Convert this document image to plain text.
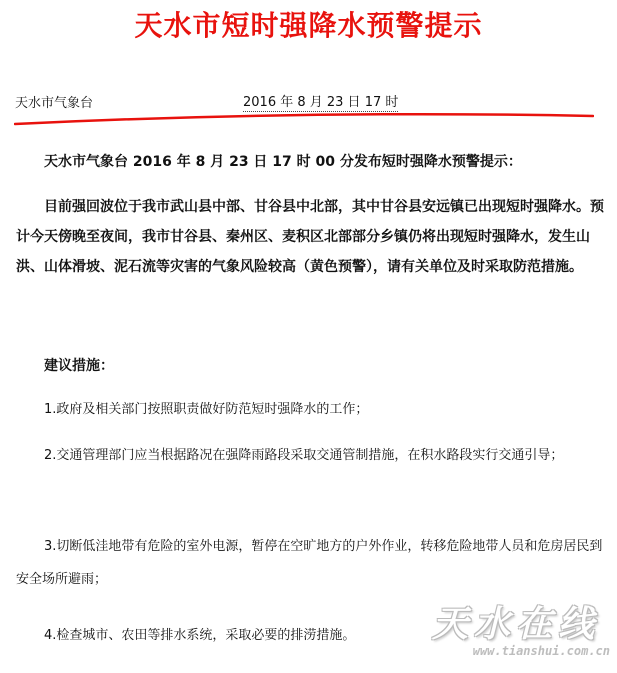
天水市短时强降水预警提示
天水市气象台	2016 年 8 月 23 日 17 时

天水市气象台 2016 年 8 月 23 日 17 时 00 分发布短时强降水预警提示：

目前强回波位于我市武山县中部、甘谷县中北部，其中甘谷县安远镇已出现短时强降水。预计今天傍晚至夜间，我市甘谷县、秦州区、麦积区北部部分乡镇仍将出现短时强降水，发生山洪、山体滑坡、泥石流等灾害的气象风险较高（黄色预警），请有关单位及时采取防范措施。

建议措施：

1.政府及相关部门按照职责做好防范短时强降水的工作；

2.交通管理部门应当根据路况在强降雨路段采取交通管制措施，在积水路段实行交通引导；

3.切断低洼地带有危险的室外电源，暂停在空旷地方的户外作业，转移危险地带人员和危房居民到安全场所避雨；

4.检查城市、农田等排水系统，采取必要的排涝措施。	天水在线
www.tianshui.com.cn
